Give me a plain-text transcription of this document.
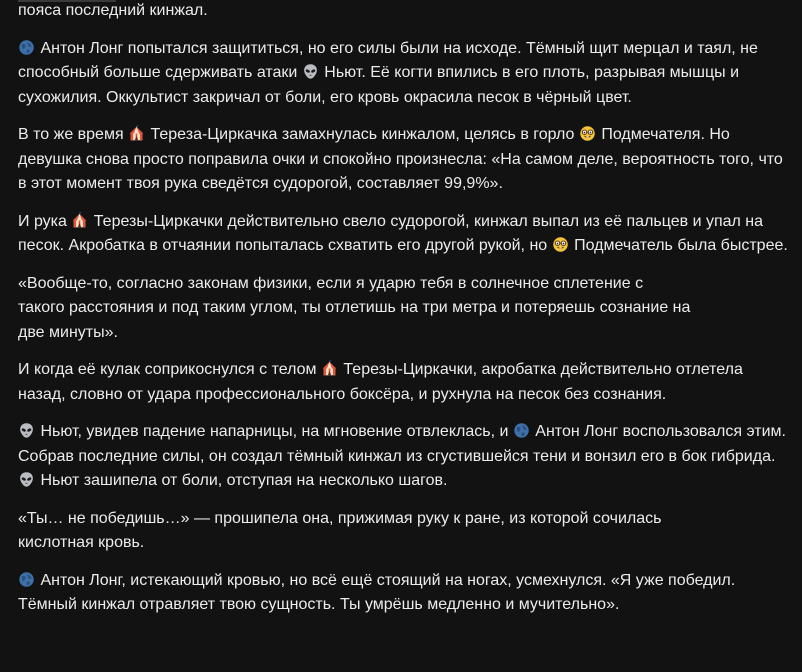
пояса последний кинжал.

Антон Лонг попытался защититься, но его силы были на исходе. Тёмный щит мерцал и таял, не способный больше сдерживать атаки
Ньют. Её когти впились в его плоть, разрывая мышцы и сухожилия. Оккультист закричал от боли, его кровь окрасила песок в чёрный цвет.

В то же время
Тереза-Циркачка замахнулась кинжалом, целясь в горло
Подмечателя. Но девушка снова просто поправила очки и спокойно произнесла: «На самом деле, вероятность того, что в этот момент твоя рука сведётся судорогой, составляет 99,9%».

И рука
Терезы-Циркачки действительно свело судорогой, кинжал выпал из её пальцев и упал на песок. Акробатка в отчаянии попыталась схватить его другой рукой, но
Подмечатель была быстрее.

«Вообще-то, согласно законам физики, если я ударю тебя в солнечное сплетение с
такого расстояния и под таким углом, ты отлетишь на три метра и потеряешь сознание на
две минуты».

И когда её кулак соприкоснулся с телом
Терезы-Циркачки, акробатка действительно отлетела назад, словно от удара профессионального боксёра, и рухнула на песок без сознания.

Ньют, увидев падение напарницы, на мгновение отвлеклась, и
Антон Лонг воспользовался этим. Собрав последние силы, он создал тёмный кинжал из сгустившейся тени и вонзил его в бок гибрида.
Ньют зашипела от боли, отступая на несколько шагов.

«Ты… не победишь…» — прошипела она, прижимая руку к ране, из которой сочилась
кислотная кровь.

Антон Лонг, истекающий кровью, но всё ещё стоящий на ногах, усмехнулся. «Я уже победил. Тёмный кинжал отравляет твою сущность. Ты умрёшь медленно и мучительно».
